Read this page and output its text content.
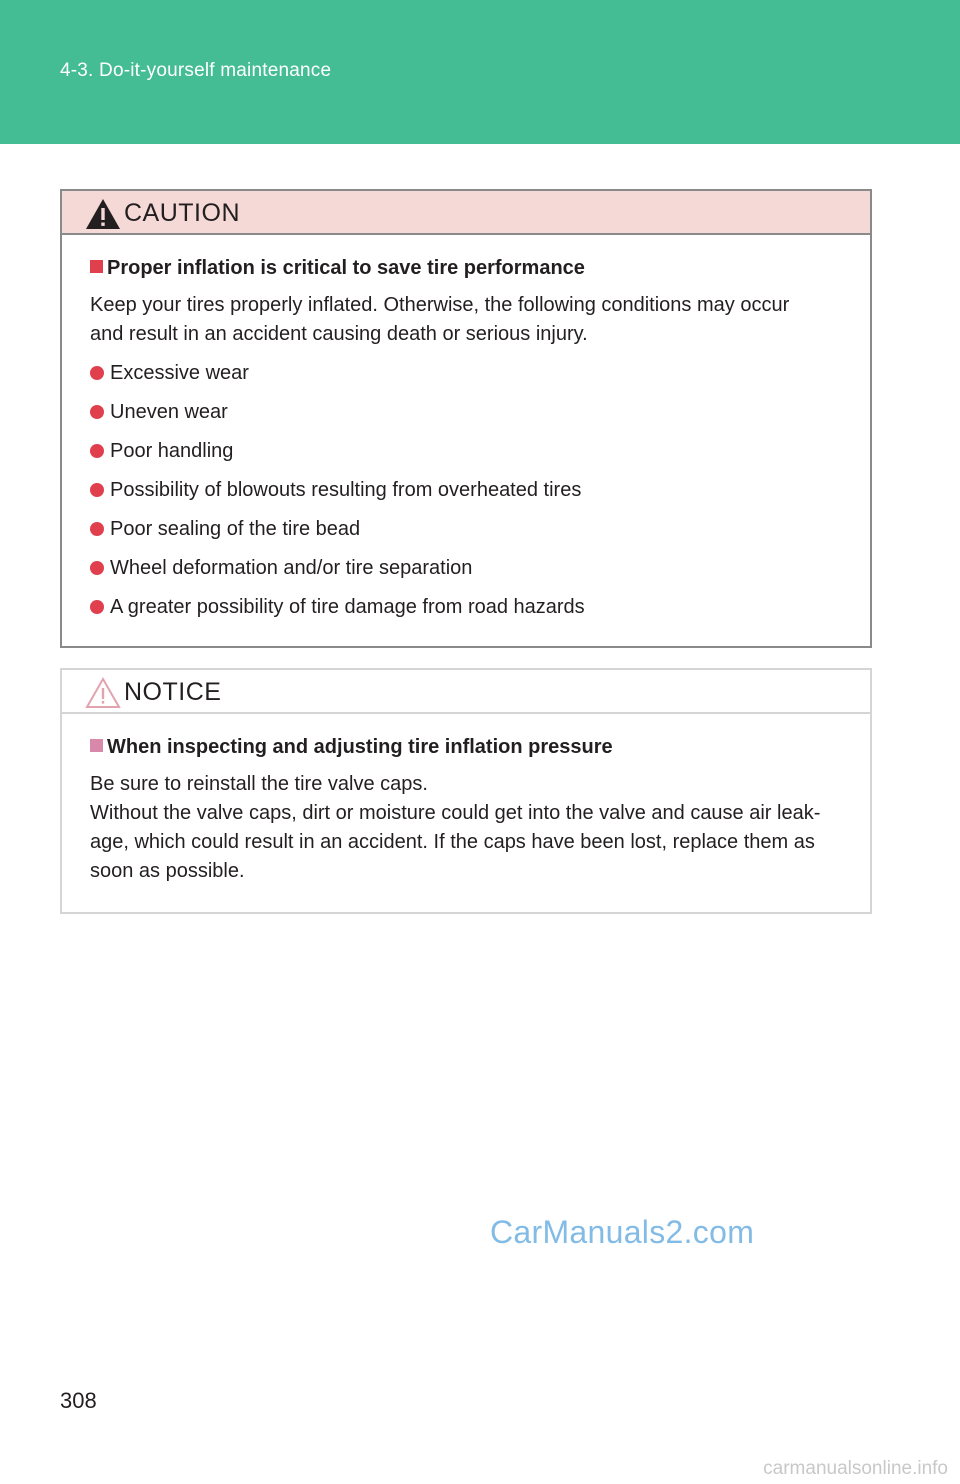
4-3. Do-it-yourself maintenance
CAUTION
Proper inflation is critical to save tire performance
Keep your tires properly inflated. Otherwise, the following conditions may occur
and result in an accident causing death or serious injury.
Excessive wear
Uneven wear
Poor handling
Possibility of blowouts resulting from overheated tires
Poor sealing of the tire bead
Wheel deformation and/or tire separation
A greater possibility of tire damage from road hazards
NOTICE
When inspecting and adjusting tire inflation pressure
Be sure to reinstall the tire valve caps.
Without the valve caps, dirt or moisture could get into the valve and cause air leak-
age, which could result in an accident. If the caps have been lost, replace them as
soon as possible.
CarManuals2.com
308
carmanualsonline.info
